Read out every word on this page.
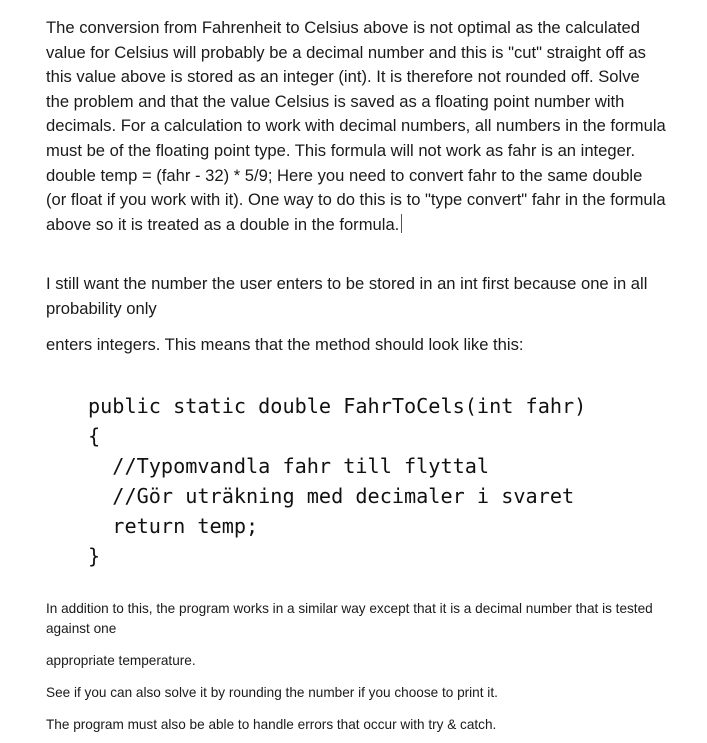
The conversion from Fahrenheit to Celsius above is not optimal as the calculated value for Celsius will probably be a decimal number and this is "cut" straight off as this value above is stored as an integer (int). It is therefore not rounded off. Solve the problem and that the value Celsius is saved as a floating point number with decimals. For a calculation to work with decimal numbers, all numbers in the formula must be of the floating point type. This formula will not work as fahr is an integer. double temp = (fahr - 32) * 5/9; Here you need to convert fahr to the same double (or float if you work with it). One way to do this is to "type convert" fahr in the formula above so it is treated as a double in the formula.

I still want the number the user enters to be stored in an int first because one in all probability only

enters integers. This means that the method should look like this:

public static double FahrToCels(int fahr)
{
//Typomvandla fahr till flyttal
//Gör uträkning med decimaler i svaret
return temp;
}

In addition to this, the program works in a similar way except that it is a decimal number that is tested against one

appropriate temperature.

See if you can also solve it by rounding the number if you choose to print it.

The program must also be able to handle errors that occur with try & catch.
